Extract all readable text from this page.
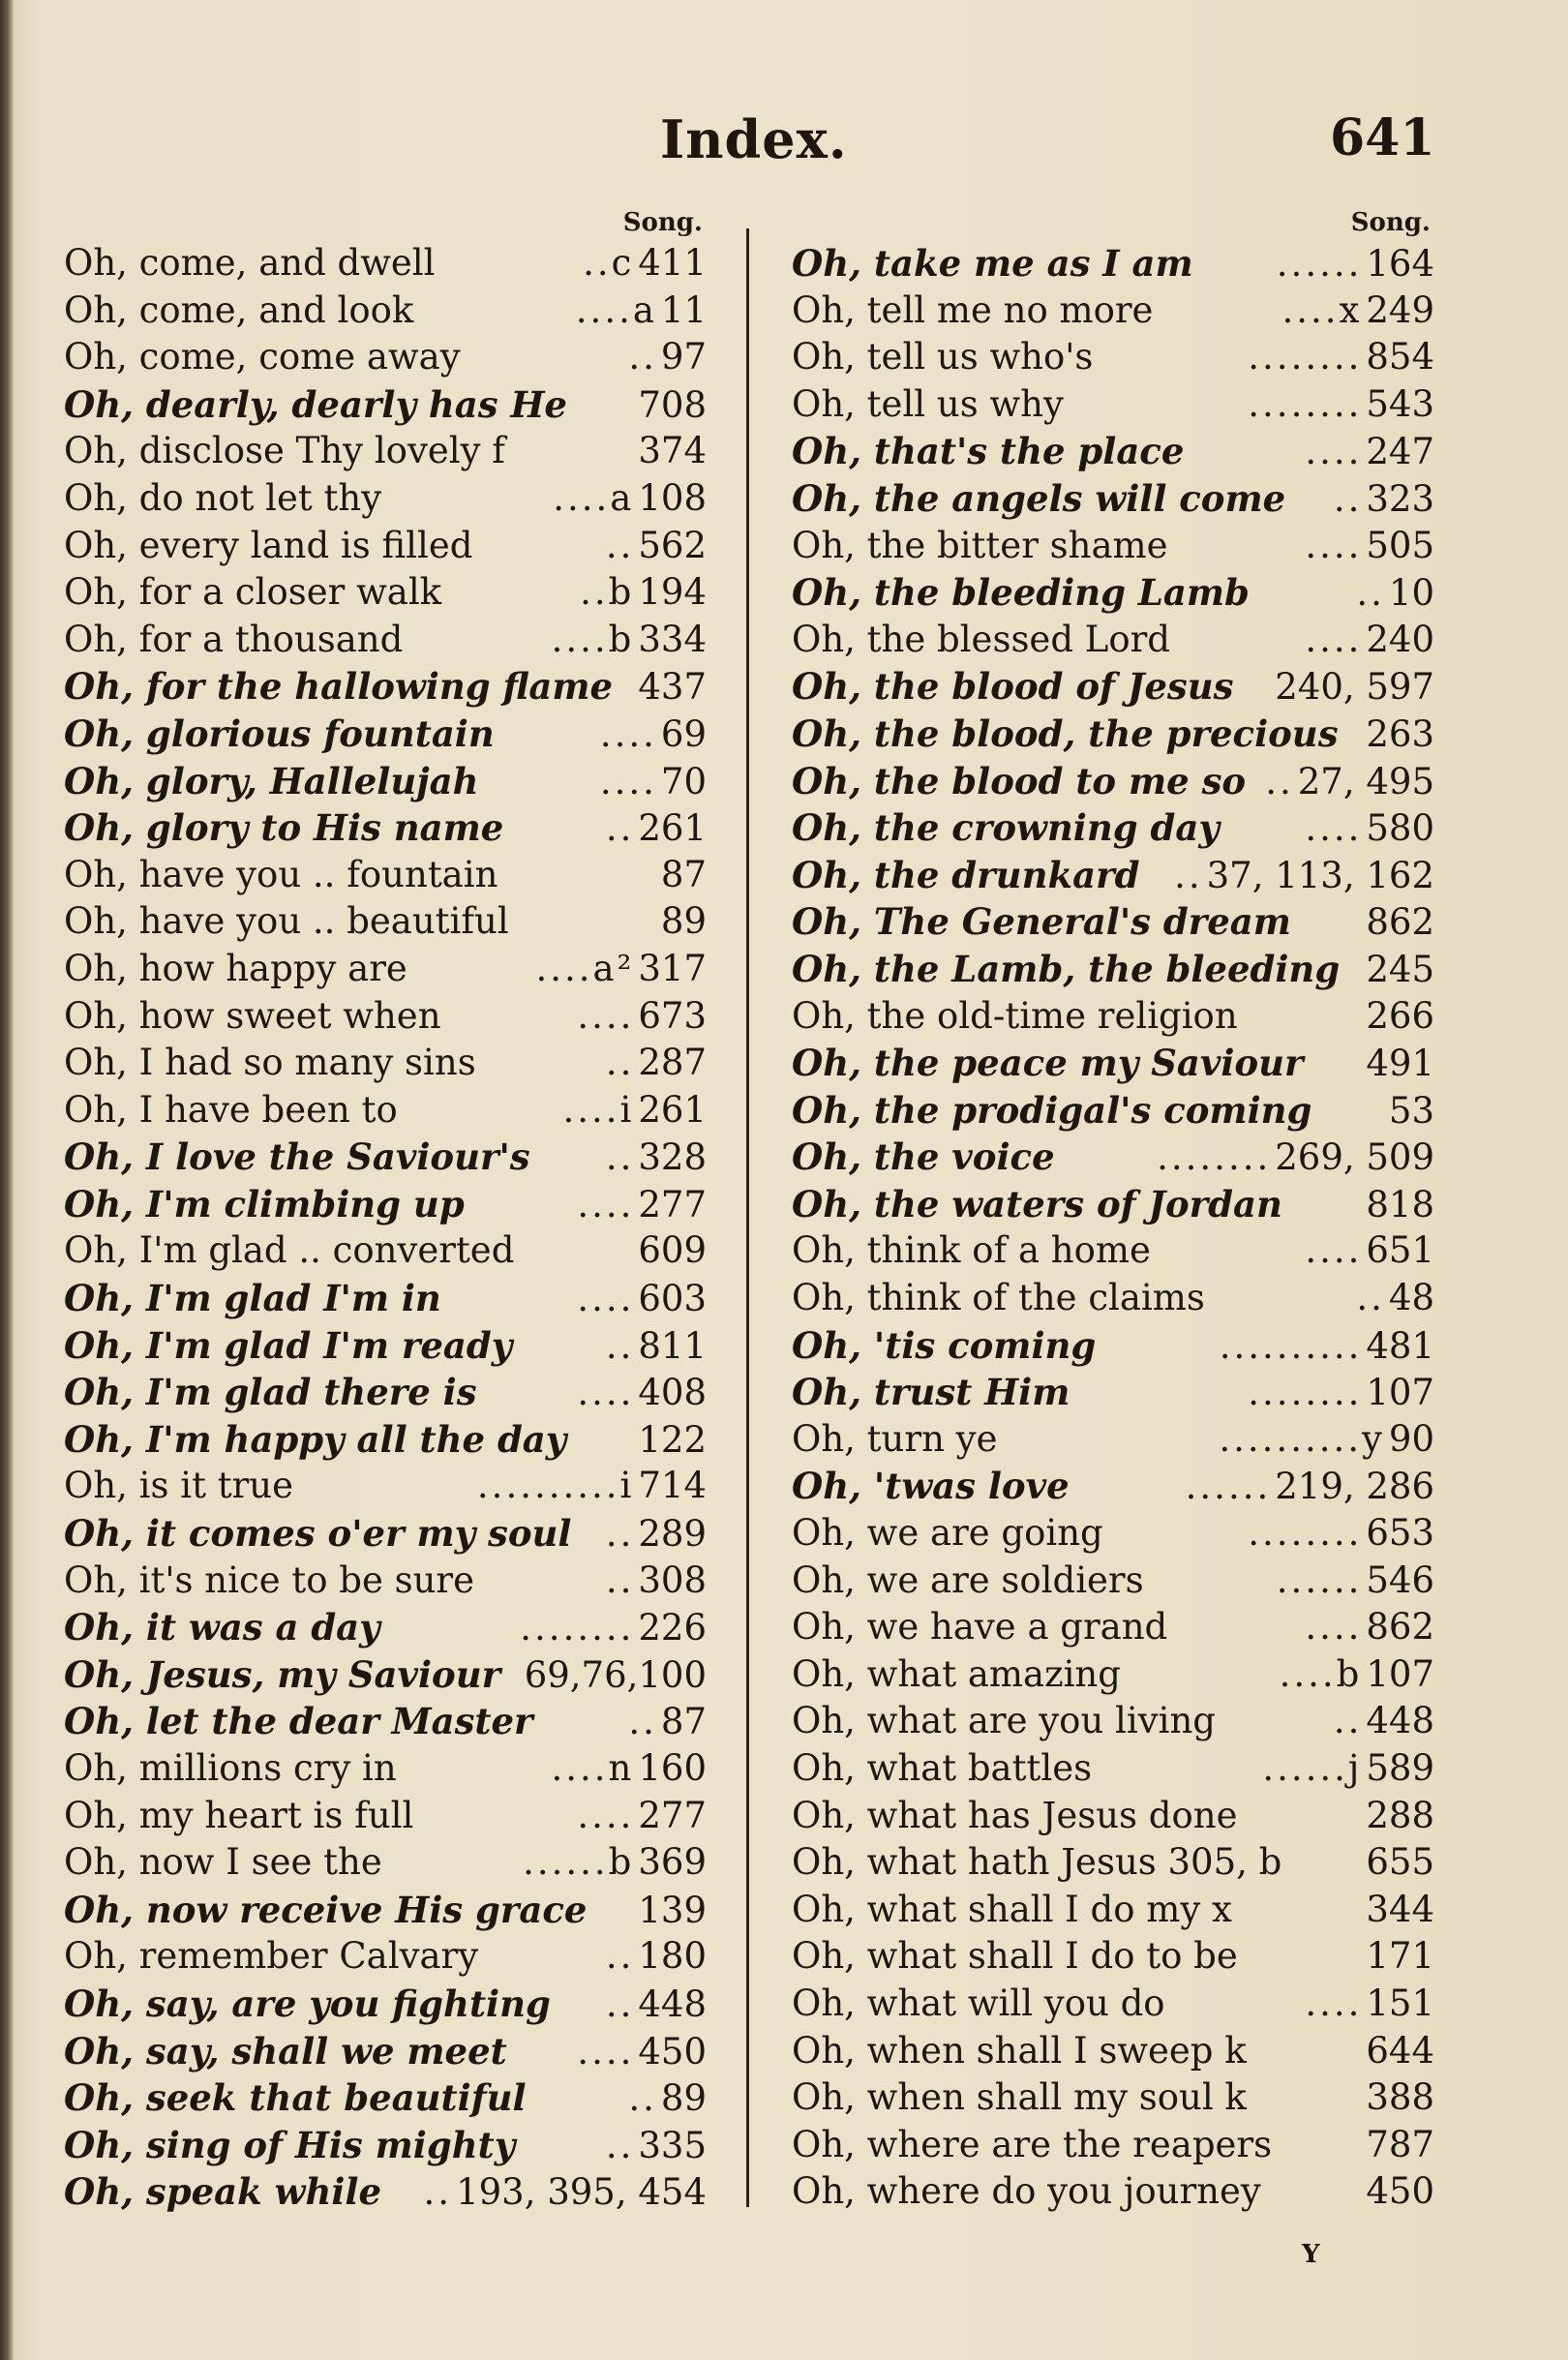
Index.	641
Song.
Oh, come, and dwell	..c 411
Oh, come, and look	....a 11
Oh, come, come away	.. 97
Oh, dearly, dearly has He 708
Oh, disclose Thy lovely f	374
Oh, do not let thy	....a 108
Oh, every land is filled	.. 562
Oh, for a closer walk	..b 194
Oh, for a thousand	....b 334
Oh, for the hallowing flame 437
Oh, glorious fountain	.... 69
Oh, glory, Hallelujah	.... 70
Oh, glory to His name	.. 261
Oh, have you .. fountain	87
Oh, have you .. beautiful	89
Oh, how happy are	....a² 317
Oh, how sweet when	.... 673
Oh, I had so many sins	.. 287
Oh, I have been to	....i 261
Oh, I love the Saviour's	.. 328
Oh, I'm climbing up	.... 277
Oh, I'm glad .. converted	609
Oh, I'm glad I'm in	.... 603
Oh, I'm glad I'm ready	.. 811
Oh, I'm glad there is	.... 408
Oh, I'm happy all the day 122
Oh, is it true	..........i 714
Oh, it comes o'er my soul .. 289
Oh, it's nice to be sure	.. 308
Oh, it was a day	........ 226
Oh, Jesus, my Saviour 69,76,100
Oh, let the dear Master	.. 87
Oh, millions cry in	....n 160
Oh, my heart is full	.... 277
Oh, now I see the	......b 369
Oh, now receive His grace 139
Oh, remember Calvary	.. 180
Oh, say, are you fighting	.. 448
Oh, say, shall we meet	.... 450
Oh, seek that beautiful	.. 89
Oh, sing of His mighty	.. 335
Oh, speak while	.. 193, 395, 454
Song.
Oh, take me as I am	...... 164
Oh, tell me no more	....x 249
Oh, tell us who's	........ 854
Oh, tell us why	........ 543
Oh, that's the place	.... 247
Oh, the angels will come	.. 323
Oh, the bitter shame	.... 505
Oh, the bleeding Lamb	.. 10
Oh, the blessed Lord	.... 240
Oh, the blood of Jesus 240, 597
Oh, the blood, the precious 263
Oh, the blood to me so .. 27, 495
Oh, the crowning day	.... 580
Oh, the drunkard .. 37, 113, 162
Oh, The General's dream 862
Oh, the Lamb, the bleeding 245
Oh, the old-time religion	266
Oh, the peace my Saviour 491
Oh, the prodigal's coming 53
Oh, the voice	........ 269, 509
Oh, the waters of Jordan 818
Oh, think of a home	.... 651
Oh, think of the claims	.. 48
Oh, 'tis coming	.......... 481
Oh, trust Him	........ 107
Oh, turn ye	..........y 90
Oh, 'twas love	...... 219, 286
Oh, we are going	........ 653
Oh, we are soldiers	...... 546
Oh, we have a grand	.... 862
Oh, what amazing	....b 107
Oh, what are you living	.. 448
Oh, what battles	......j 589
Oh, what has Jesus done	288
Oh, what hath Jesus 305, b 655
Oh, what shall I do my x	344
Oh, what shall I do to be	171
Oh, what will you do	.... 151
Oh, when shall I sweep k	644
Oh, when shall my soul k	388
Oh, where are the reapers	787
Oh, where do you journey	450
Y
